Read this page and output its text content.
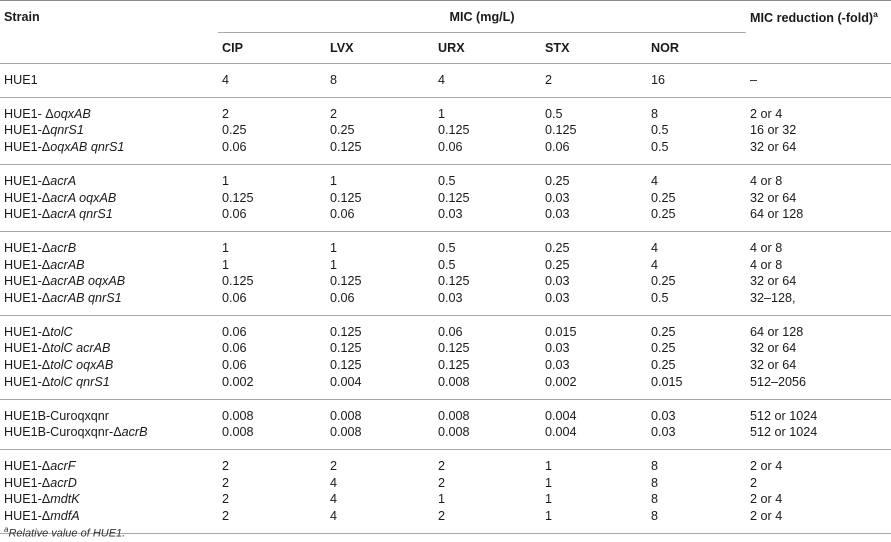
Strain	MIC (mg/L)					MIC reduction (-fold)$^a$
	CIP	LVX	URX	STX	NOR	

HUE1	4	8	4	2	16	–

HUE1- ΔoqxAB	2	2	1	0.5	8	2 or 4
HUE1-ΔqnrS1	0.25	0.25	0.125	0.125	0.5	16 or 32
HUE1-ΔoqxAB qnrS1	0.06	0.125	0.06	0.06	0.5	32 or 64

HUE1-ΔacrA	1	1	0.5	0.25	4	4 or 8
HUE1-ΔacrA oqxAB	0.125	0.125	0.125	0.03	0.25	32 or 64
HUE1-ΔacrA qnrS1	0.06	0.06	0.03	0.03	0.25	64 or 128

HUE1-ΔacrB	1	1	0.5	0.25	4	4 or 8
HUE1-ΔacrAB	1	1	0.5	0.25	4	4 or 8
HUE1-ΔacrAB oqxAB	0.125	0.125	0.125	0.03	0.25	32 or 64
HUE1-ΔacrAB qnrS1	0.06	0.06	0.03	0.03	0.5	32–128,

HUE1-ΔtolC	0.06	0.125	0.06	0.015	0.25	64 or 128
HUE1-ΔtolC acrAB	0.06	0.125	0.125	0.03	0.25	32 or 64
HUE1-ΔtolC oqxAB	0.06	0.125	0.125	0.03	0.25	32 or 64
HUE1-ΔtolC qnrS1	0.002	0.004	0.008	0.002	0.015	512–2056

HUE1B-Curoqxqnr	0.008	0.008	0.008	0.004	0.03	512 or 1024
HUE1B-Curoqxqnr-ΔacrB	0.008	0.008	0.008	0.004	0.03	512 or 1024

HUE1-ΔacrF	2	2	2	1	8	2 or 4
HUE1-ΔacrD	2	4	2	1	8	2
HUE1-ΔmdtK	2	4	1	1	8	2 or 4
HUE1-ΔmdfA	2	4	2	1	8	2 or 4

$^a$Relative value of HUE1.
